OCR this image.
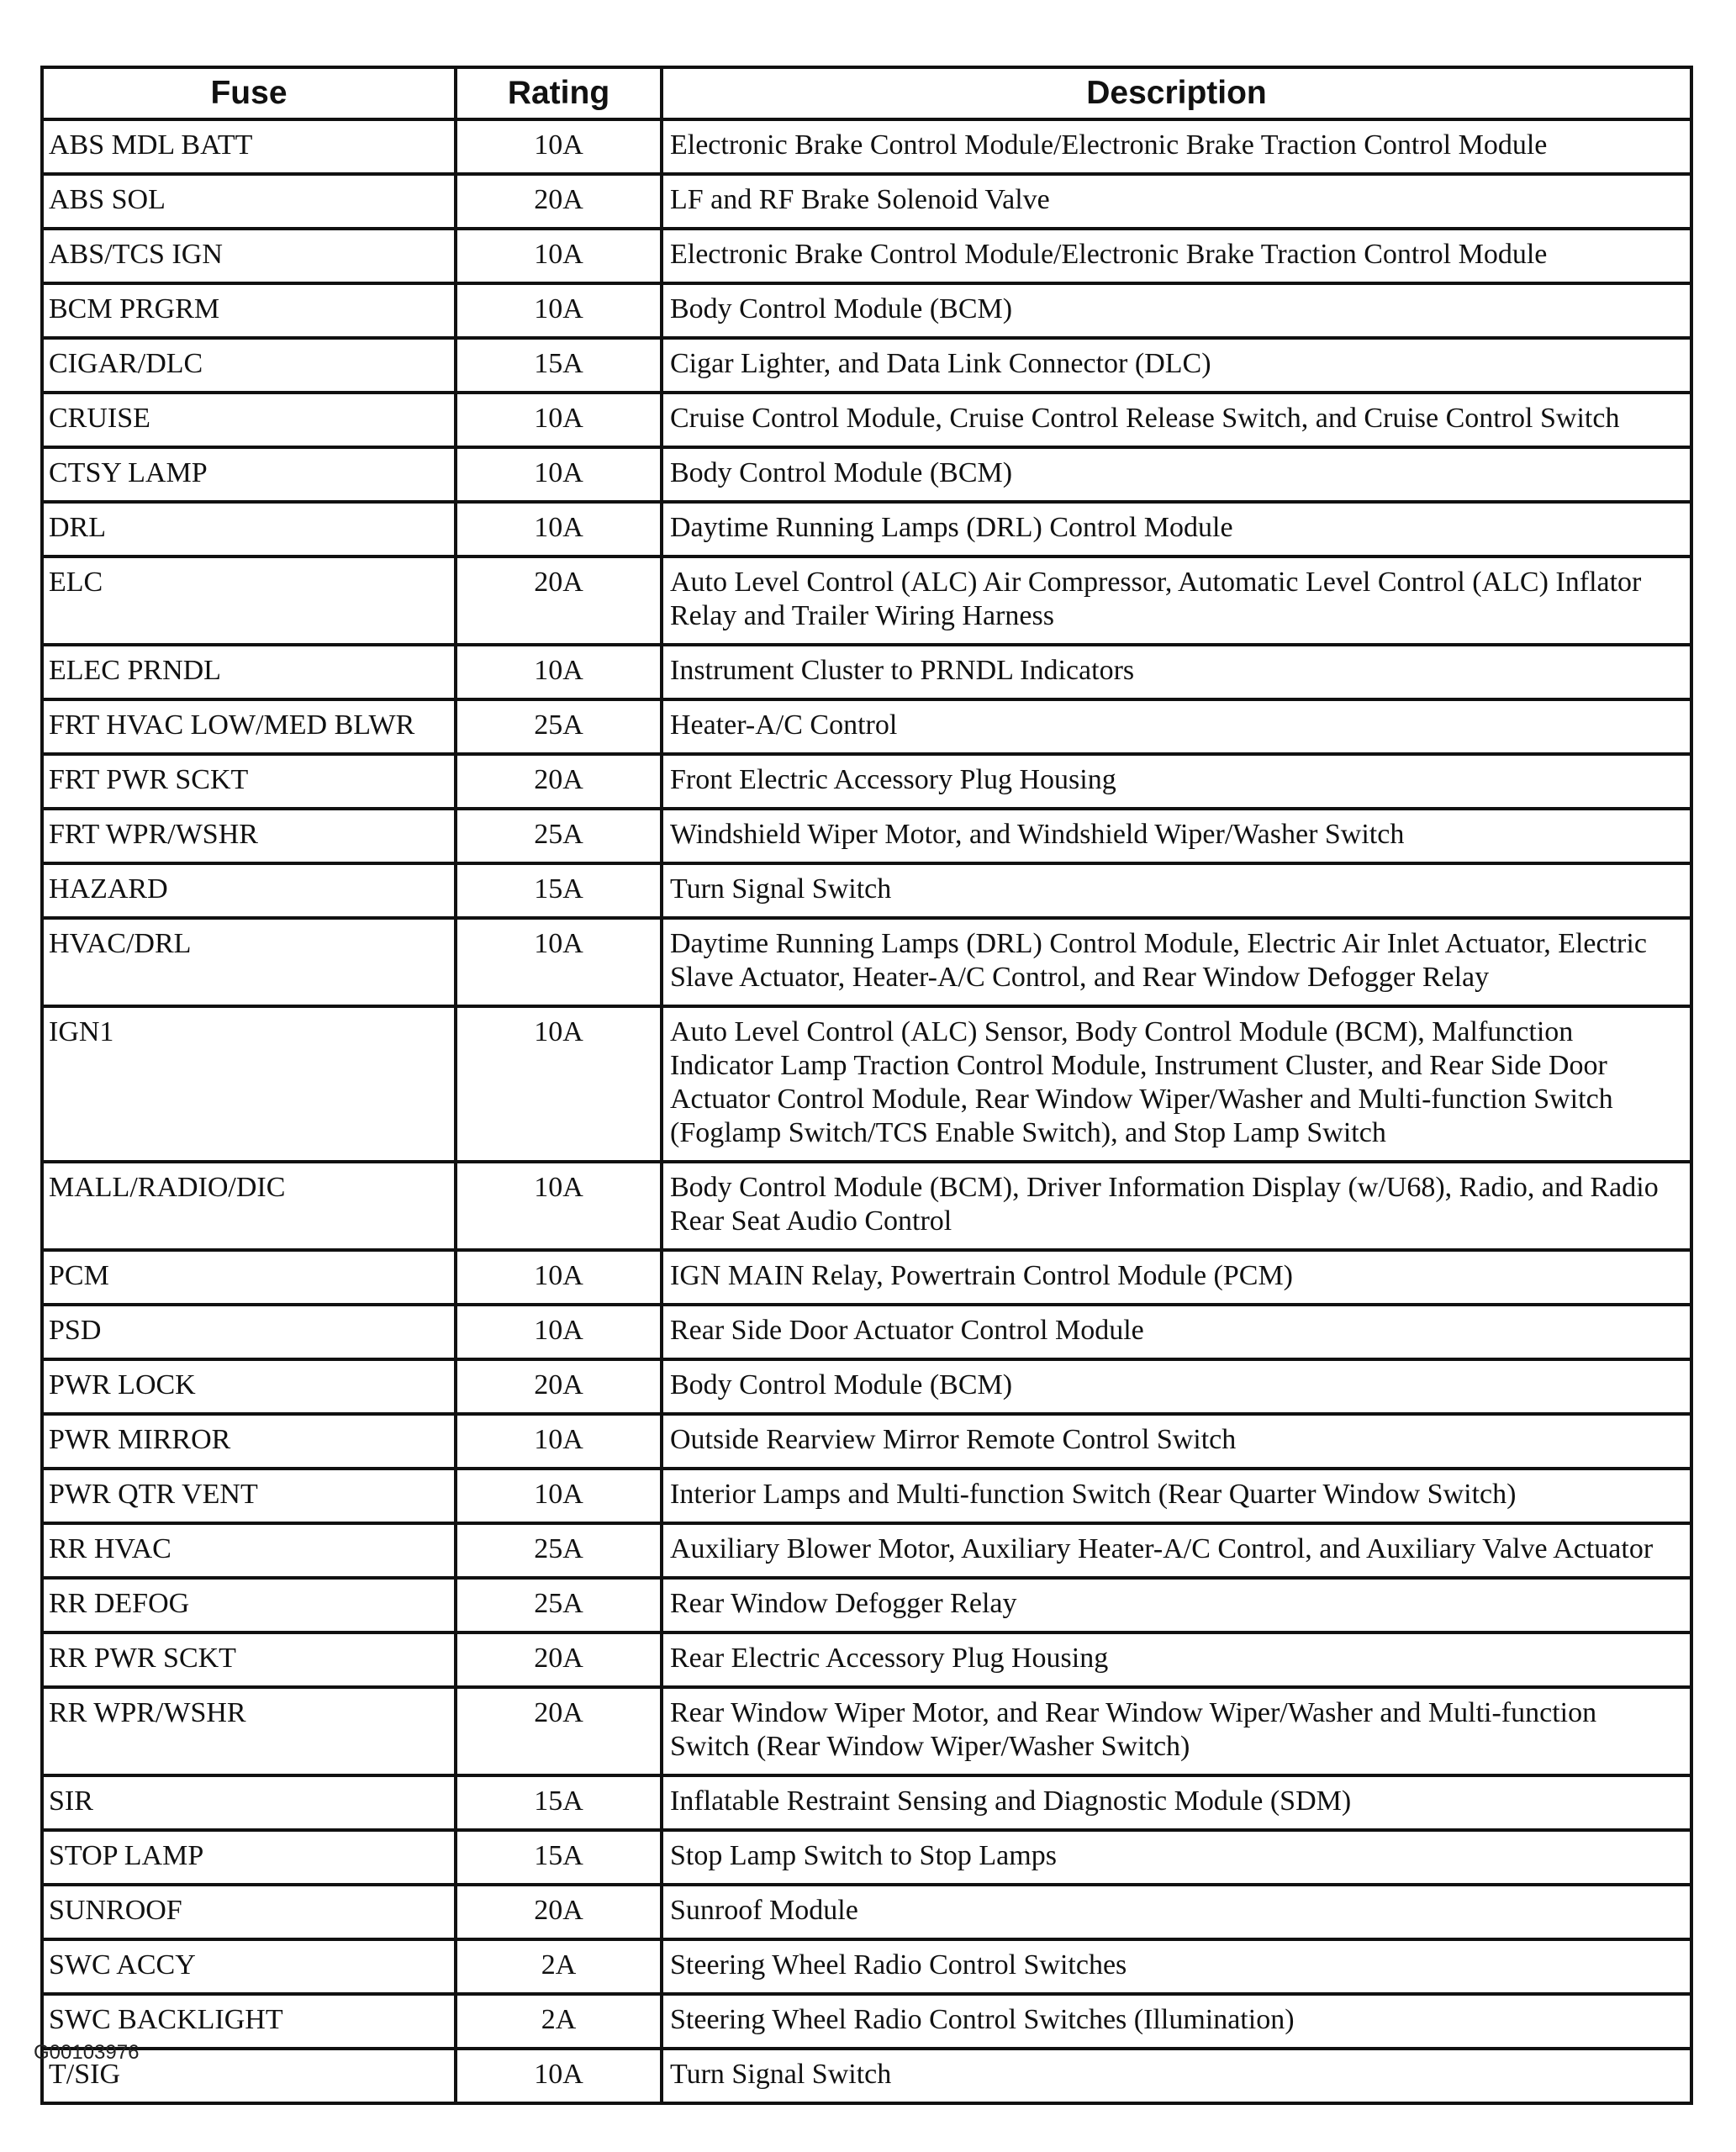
Fuse	Rating	Description
ABS MDL BATT	10A	Electronic Brake Control Module/Electronic Brake Traction Control Module
ABS SOL	20A	LF and RF Brake Solenoid Valve
ABS/TCS IGN	10A	Electronic Brake Control Module/Electronic Brake Traction Control Module
BCM PRGRM	10A	Body Control Module (BCM)
CIGAR/DLC	15A	Cigar Lighter, and Data Link Connector (DLC)
CRUISE	10A	Cruise Control Module, Cruise Control Release Switch, and Cruise Control Switch
CTSY LAMP	10A	Body Control Module (BCM)
DRL	10A	Daytime Running Lamps (DRL) Control Module
ELC	20A	Auto Level Control (ALC) Air Compressor, Automatic Level Control (ALC) Inflator Relay and Trailer Wiring Harness
ELEC PRNDL	10A	Instrument Cluster to PRNDL Indicators
FRT HVAC LOW/MED BLWR	25A	Heater-A/C Control
FRT PWR SCKT	20A	Front Electric Accessory Plug Housing
FRT WPR/WSHR	25A	Windshield Wiper Motor, and Windshield Wiper/Washer Switch
HAZARD	15A	Turn Signal Switch
HVAC/DRL	10A	Daytime Running Lamps (DRL) Control Module, Electric Air Inlet Actuator, Electric Slave Actuator, Heater-A/C Control, and Rear Window Defogger Relay
IGN1	10A	Auto Level Control (ALC) Sensor, Body Control Module (BCM), Malfunction Indicator Lamp Traction Control Module, Instrument Cluster, and Rear Side Door Actuator Control Module, Rear Window Wiper/Washer and Multi-function Switch (Foglamp Switch/TCS Enable Switch), and Stop Lamp Switch
MALL/RADIO/DIC	10A	Body Control Module (BCM), Driver Information Display (w/U68), Radio, and Radio Rear Seat Audio Control
PCM	10A	IGN MAIN Relay, Powertrain Control Module (PCM)
PSD	10A	Rear Side Door Actuator Control Module
PWR LOCK	20A	Body Control Module (BCM)
PWR MIRROR	10A	Outside Rearview Mirror Remote Control Switch
PWR QTR VENT	10A	Interior Lamps and Multi-function Switch (Rear Quarter Window Switch)
RR HVAC	25A	Auxiliary Blower Motor, Auxiliary Heater-A/C Control, and Auxiliary Valve Actuator
RR DEFOG	25A	Rear Window Defogger Relay
RR PWR SCKT	20A	Rear Electric Accessory Plug Housing
RR WPR/WSHR	20A	Rear Window Wiper Motor, and Rear Window Wiper/Washer and Multi-function Switch (Rear Window Wiper/Washer Switch)
SIR	15A	Inflatable Restraint Sensing and Diagnostic Module (SDM)
STOP LAMP	15A	Stop Lamp Switch to Stop Lamps
SUNROOF	20A	Sunroof Module
SWC ACCY	2A	Steering Wheel Radio Control Switches
SWC BACKLIGHT	2A	Steering Wheel Radio Control Switches (Illumination)
T/SIG	10A	Turn Signal Switch
G00103976
